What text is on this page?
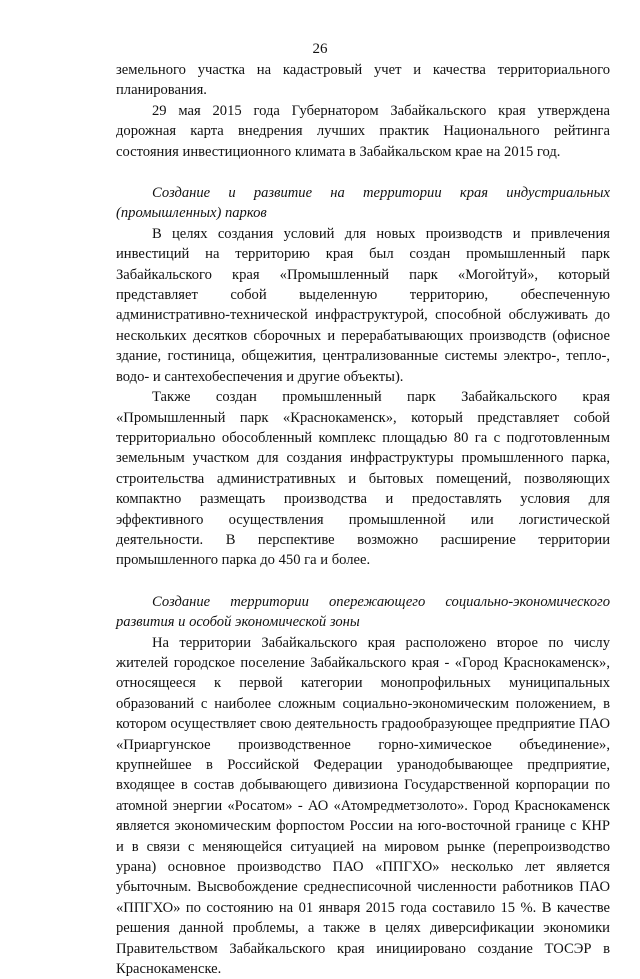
26

земельного участка на кадастровый учет и качества территориального планирования.

29 мая 2015 года Губернатором Забайкальского края утверждена дорожная карта внедрения лучших практик Национального рейтинга состояния инвестиционного климата в Забайкальском крае на 2015 год.

Создание и развитие на территории края индустриальных (промышленных) парков

В целях создания условий для новых производств и привлечения инвестиций на территорию края был создан промышленный парк Забайкальского края «Промышленный парк «Могойтуй», который представляет собой выделенную территорию, обеспеченную административно-технической инфраструктурой, способной обслуживать до нескольких десятков сборочных и перерабатывающих производств (офисное здание, гостиница, общежития, централизованные системы электро-, тепло-, водо- и сантехобеспечения и другие объекты).

Также создан промышленный парк Забайкальского края «Промышленный парк «Краснокаменск», который представляет собой территориально обособленный комплекс площадью 80 га с подготовленным земельным участком для создания инфраструктуры промышленного парка, строительства административных и бытовых помещений, позволяющих компактно размещать производства и предоставлять условия для эффективного осуществления промышленной или логистической деятельности. В перспективе возможно расширение территории промышленного парка до 450 га и более.

Создание территории опережающего социально-экономического развития и особой экономической зоны

На территории Забайкальского края расположено второе по числу жителей городское поселение Забайкальского края - «Город Краснокаменск», относящееся к первой категории монопрофильных муниципальных образований с наиболее сложным социально-экономическим положением, в котором осуществляет свою деятельность градообразующее предприятие ПАО «Приаргунское производственное горно-химическое объединение», крупнейшее в Российской Федерации уранодобывающее предприятие, входящее в состав добывающего дивизиона Государственной корпорации по атомной энергии «Росатом» - АО «Атомредметзолото». Город Краснокаменск является экономическим форпостом России на юго-восточной границе с КНР и в связи с меняющейся ситуацией на мировом рынке (перепроизводство урана) основное производство ПАО «ППГХО» несколько лет является убыточным. Высвобождение среднесписочной численности работников ПАО «ППГХО» по состоянию на 01 января 2015 года составило 15 %. В качестве решения данной проблемы, а также в целях диверсификации экономики Правительством Забайкальского края инициировано создание ТОСЭР в Краснокаменске.
